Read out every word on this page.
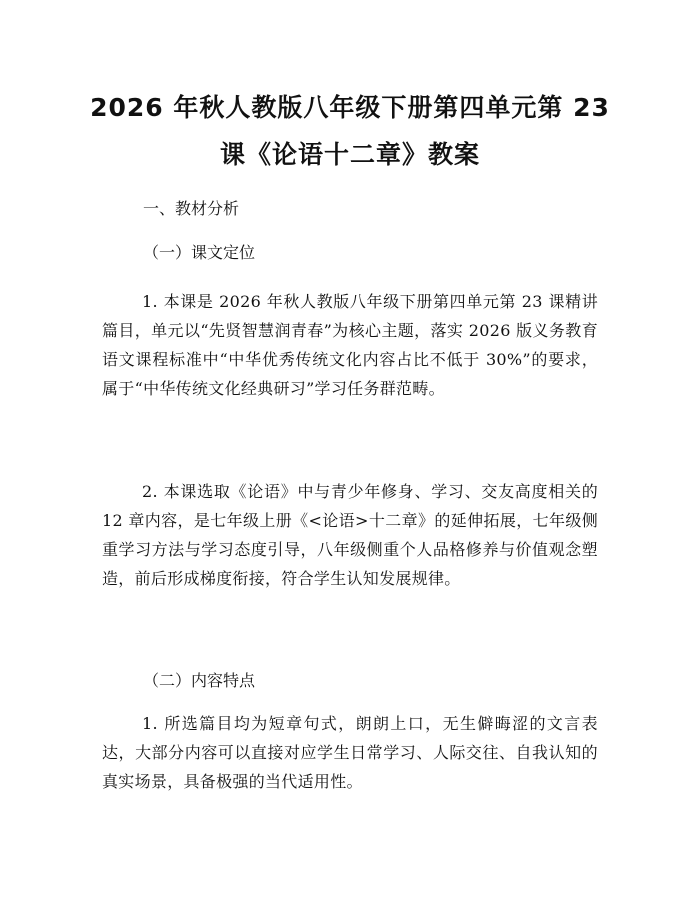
2026 年秋人教版八年级下册第四单元第 23
课《论语十二章》教案
一、教材分析
（一）课文定位

1. 本课是 2026 年秋人教版八年级下册第四单元第 23 课精讲篇目，单元以“先贤智慧润青春”为核心主题，落实 2026 版义务教育语文课程标准中“中华优秀传统文化内容占比不低于 30%”的要求，属于“中华传统文化经典研习”学习任务群范畴。

2. 本课选取《论语》中与青少年修身、学习、交友高度相关的 12 章内容，是七年级上册《<论语>十二章》的延伸拓展，七年级侧重学习方法与学习态度引导，八年级侧重个人品格修养与价值观念塑造，前后形成梯度衔接，符合学生认知发展规律。

（二）内容特点

1. 所选篇目均为短章句式，朗朗上口，无生僻晦涩的文言表达，大部分内容可以直接对应学生日常学习、人际交往、自我认知的真实场景，具备极强的当代适用性。
